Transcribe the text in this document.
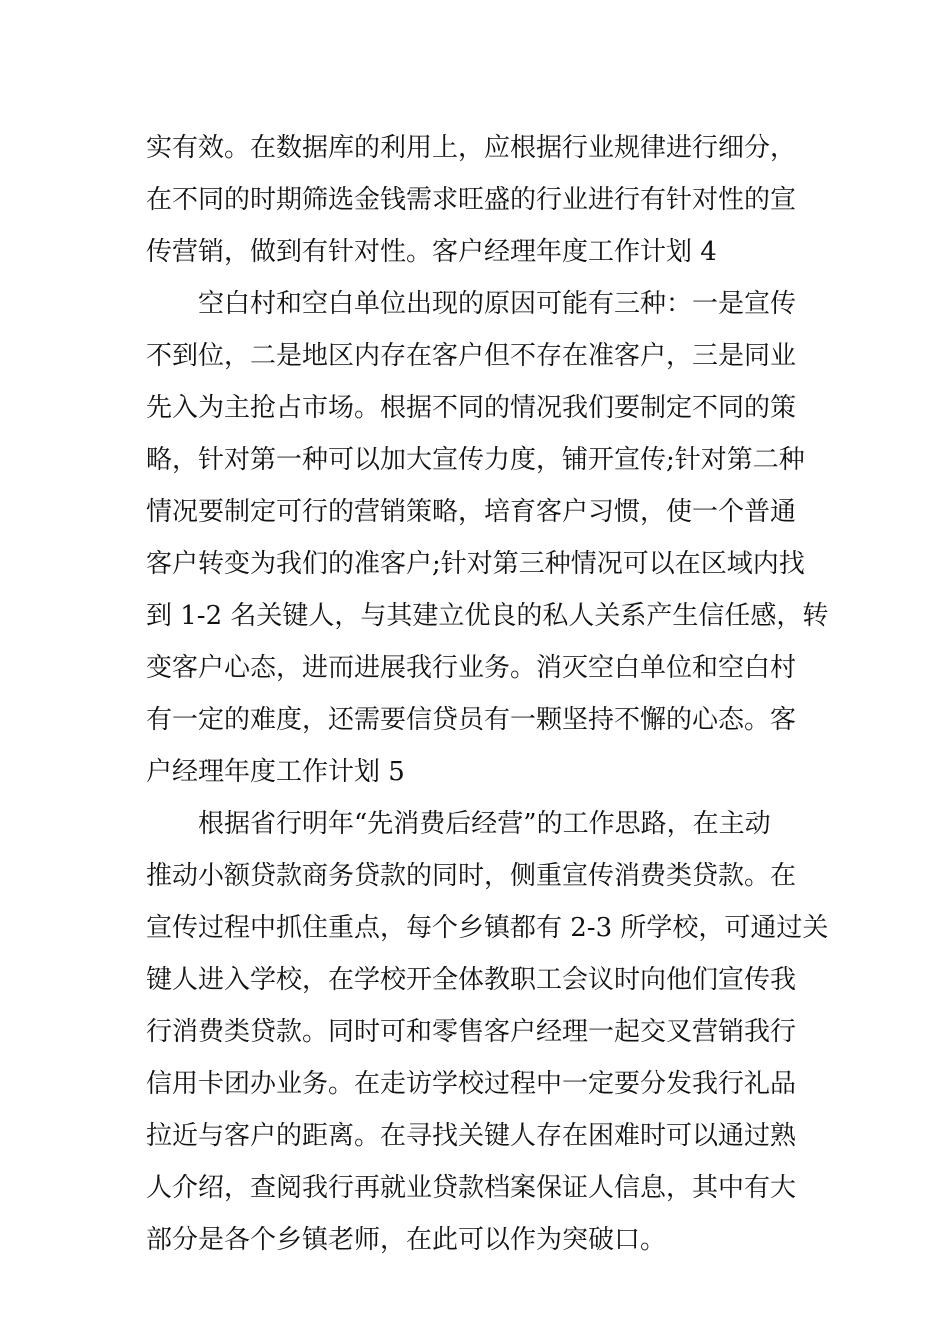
实有效。在数据库的利用上，应根据行业规律进行细分，
在不同的时期筛选金钱需求旺盛的行业进行有针对性的宣
传营销，做到有针对性。客户经理年度工作计划 4
空白村和空白单位出现的原因可能有三种：一是宣传
不到位，二是地区内存在客户但不存在准客户，三是同业
先入为主抢占市场。根据不同的情况我们要制定不同的策
略，针对第一种可以加大宣传力度，铺开宣传;针对第二种
情况要制定可行的营销策略，培育客户习惯，使一个普通
客户转变为我们的准客户;针对第三种情况可以在区域内找
到 1-2 名关键人，与其建立优良的私人关系产生信任感，转
变客户心态，进而进展我行业务。消灭空白单位和空白村
有一定的难度，还需要信贷员有一颗坚持不懈的心态。客
户经理年度工作计划 5
根据省行明年“先消费后经营”的工作思路，在主动
推动小额贷款商务贷款的同时，侧重宣传消费类贷款。在
宣传过程中抓住重点，每个乡镇都有 2-3 所学校，可通过关
键人进入学校，在学校开全体教职工会议时向他们宣传我
行消费类贷款。同时可和零售客户经理一起交叉营销我行
信用卡团办业务。在走访学校过程中一定要分发我行礼品
拉近与客户的距离。在寻找关键人存在困难时可以通过熟
人介绍，查阅我行再就业贷款档案保证人信息，其中有大
部分是各个乡镇老师，在此可以作为突破口。
